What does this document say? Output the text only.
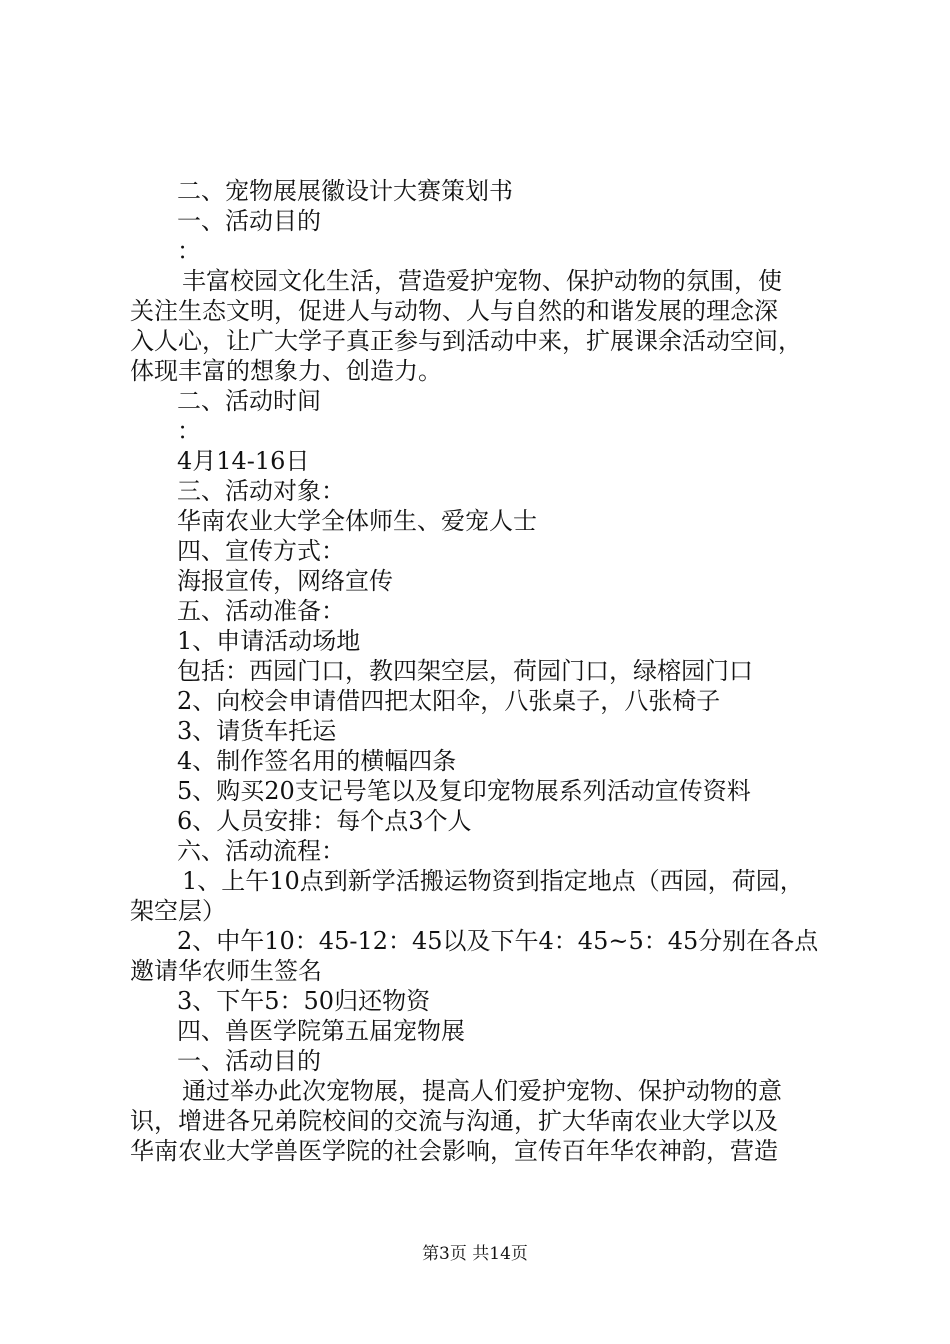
二、宠物展展徽设计大赛策划书
一、活动目的
：
丰富校园文化生活，营造爱护宠物、保护动物的氛围，使
关注生态文明，促进人与动物、人与自然的和谐发展的理念深
入人心，让广大学子真正参与到活动中来，扩展课余活动空间，
体现丰富的想象力、创造力。
二、活动时间
：
4月14-16日
三、活动对象：
华南农业大学全体师生、爱宠人士
四、宣传方式：
海报宣传，网络宣传
五、活动准备：
1、申请活动场地
包括：西园门口，教四架空层，荷园门口，绿榕园门口
2、向校会申请借四把太阳伞，八张桌子，八张椅子
3、请货车托运
4、制作签名用的横幅四条
5、购买20支记号笔以及复印宠物展系列活动宣传资料
6、人员安排：每个点3个人
六、活动流程：
1、上午10点到新学活搬运物资到指定地点（西园，荷园，
架空层）
2、中午10：45-12：45以及下午4：45~5：45分别在各点
邀请华农师生签名
3、下午5：50归还物资
四、兽医学院第五届宠物展
一、活动目的
通过举办此次宠物展，提高人们爱护宠物、保护动物的意
识，增进各兄弟院校间的交流与沟通，扩大华南农业大学以及
华南农业大学兽医学院的社会影响，宣传百年华农神韵，营造
第3页 共14页
